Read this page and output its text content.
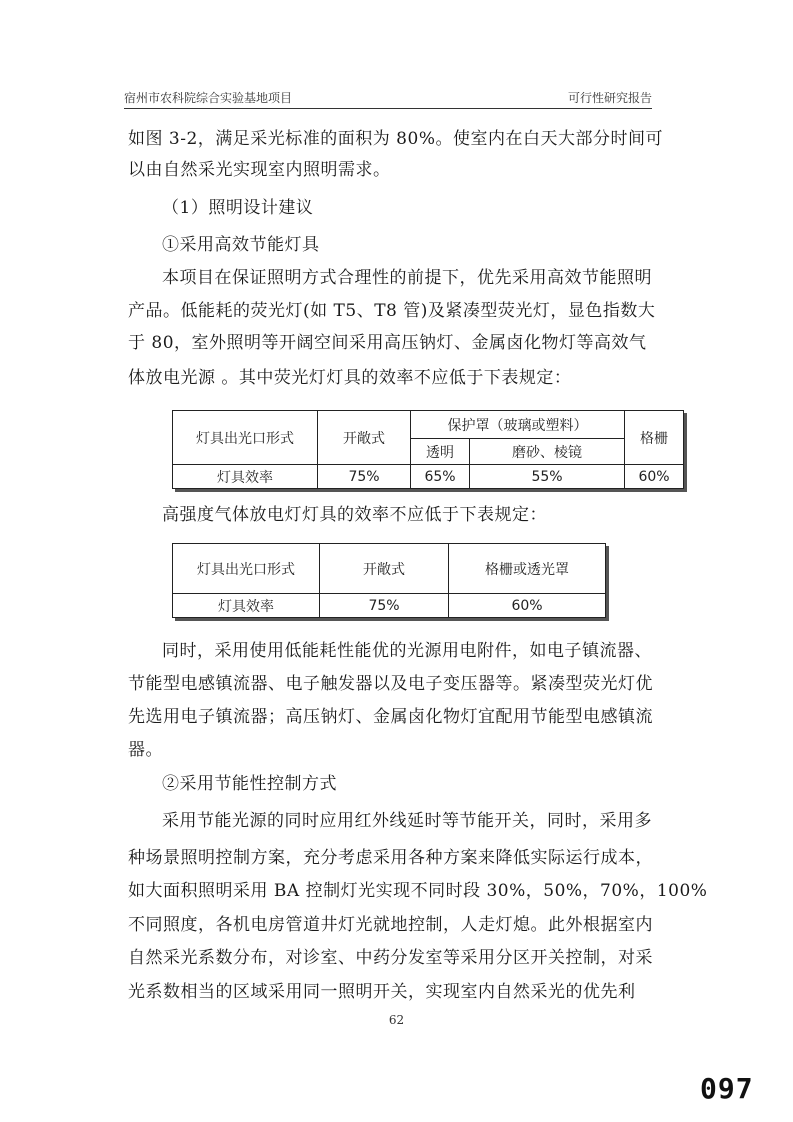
宿州市农科院综合实验基地项目	可行性研究报告
如图 3-2，满足采光标准的面积为 80%。使室内在白天大部分时间可
以由自然采光实现室内照明需求。
（1）照明设计建议
①采用高效节能灯具
本项目在保证照明方式合理性的前提下，优先采用高效节能照明
产品。低能耗的荧光灯(如 T5、T8 管)及紧凑型荧光灯，显色指数大
于 80，室外照明等开阔空间采用高压钠灯、金属卤化物灯等高效气
体放电光源 。其中荧光灯灯具的效率不应低于下表规定：
灯具出光口形式	开敞式	保护罩（玻璃或塑料）		格栅
		透明	磨砂、棱镜	
灯具效率	75%	65%	55%	60%
高强度气体放电灯灯具的效率不应低于下表规定：
灯具出光口形式	开敞式	格栅或透光罩
灯具效率	75%	60%
同时，采用使用低能耗性能优的光源用电附件，如电子镇流器、
节能型电感镇流器、电子触发器以及电子变压器等。紧凑型荧光灯优
先选用电子镇流器；高压钠灯、金属卤化物灯宜配用节能型电感镇流
器。
②采用节能性控制方式
采用节能光源的同时应用红外线延时等节能开关，同时，采用多
种场景照明控制方案，充分考虑采用各种方案来降低实际运行成本，
如大面积照明采用 BA 控制灯光实现不同时段 30%，50%，70%，100%
不同照度，各机电房管道井灯光就地控制，人走灯熄。此外根据室内
自然采光系数分布，对诊室、中药分发室等采用分区开关控制，对采
光系数相当的区域采用同一照明开关，实现室内自然采光的优先利
62
097
